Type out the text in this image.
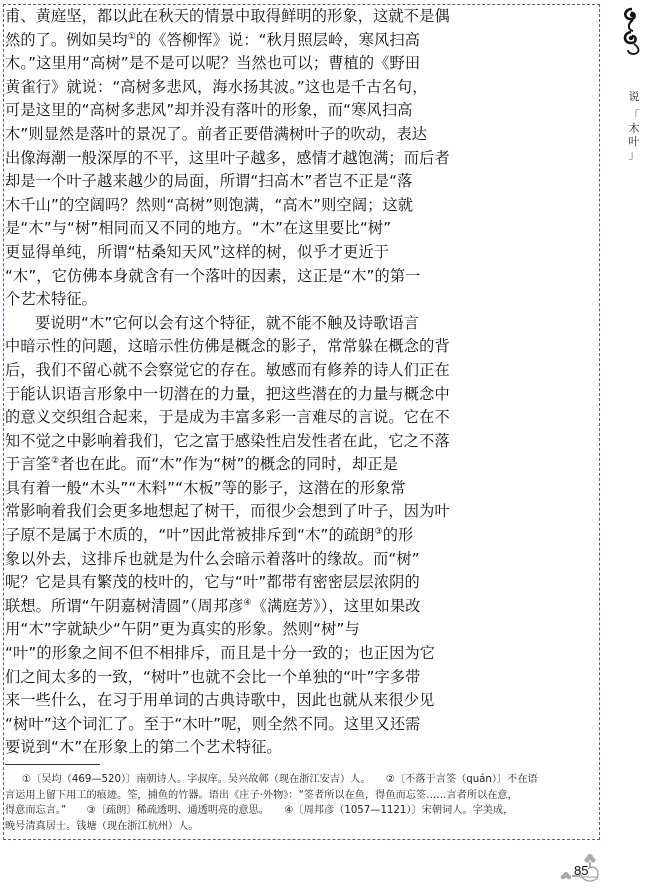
甫、黄庭坚，都以此在秋天的情景中取得鲜明的形象，这就不是偶
然的了。例如吴均①的《答柳恽》说：“秋月照层岭，寒风扫高
木。”这里用“高树”是不是可以呢？当然也可以；曹植的《野田
黄雀行》就说：“高树多悲风，海水扬其波。”这也是千古名句，
可是这里的“高树多悲风”却并没有落叶的形象，而“寒风扫高
木”则显然是落叶的景况了。前者正要借满树叶子的吹动，表达
出像海潮一般深厚的不平，这里叶子越多，感情才越饱满；而后者
却是一个叶子越来越少的局面，所谓“扫高木”者岂不正是“落
木千山”的空阔吗？然则“高树”则饱满，“高木”则空阔；这就
是“木”与“树”相同而又不同的地方。“木”在这里要比“树”
更显得单纯，所谓“枯桑知天风”这样的树，似乎才更近于
“木”，它仿佛本身就含有一个落叶的因素，这正是“木”的第一
个艺术特征。
要说明“木”它何以会有这个特征，就不能不触及诗歌语言
中暗示性的问题，这暗示性仿佛是概念的影子，常常躲在概念的背
后，我们不留心就不会察觉它的存在。敏感而有修养的诗人们正在
于能认识语言形象中一切潜在的力量，把这些潜在的力量与概念中
的意义交织组合起来，于是成为丰富多彩一言难尽的言说。它在不
知不觉之中影响着我们，它之富于感染性启发性者在此，它之不落
于言筌②者也在此。而“木”作为“树”的概念的同时，却正是
具有着一般“木头”“木料”“木板”等的影子，这潜在的形象常
常影响着我们会更多地想起了树干，而很少会想到了叶子，因为叶
子原不是属于木质的，“叶”因此常被排斥到“木”的疏朗③的形
象以外去，这排斥也就是为什么会暗示着落叶的缘故。而“树”
呢？它是具有繁茂的枝叶的，它与“叶”都带有密密层层浓阴的
联想。所谓“午阴嘉树清圆”（周邦彦④《满庭芳》），这里如果改
用“木”字就缺少“午阴”更为真实的形象。然则“树”与
“叶”的形象之间不但不相排斥，而且是十分一致的；也正因为它
们之间太多的一致，“树叶”也就不会比一个单独的“叶”字多带
来一些什么，在习于用单词的古典诗歌中，因此也就从来很少见
“树叶”这个词汇了。至于“木叶”呢，则全然不同。这里又还需
要说到“木”在形象上的第二个艺术特征。
①〔吴均（469—520）〕南朝诗人。字叔庠。吴兴故鄣（现在浙江安吉）人。　　②〔不落于言筌（quán）〕不在语
言运用上留下用工的痕迹。筌，捕鱼的竹器。语出《庄子·外物》：“筌者所以在鱼，得鱼而忘筌……言者所以在意，
得意而忘言。”　　③〔疏朗〕稀疏透明、通透明亮的意思。　　④〔周邦彦（1057—1121）〕宋朝词人。字美成，
晚号清真居士。钱塘（现在浙江杭州）人。
说
「
木
叶
」
85
